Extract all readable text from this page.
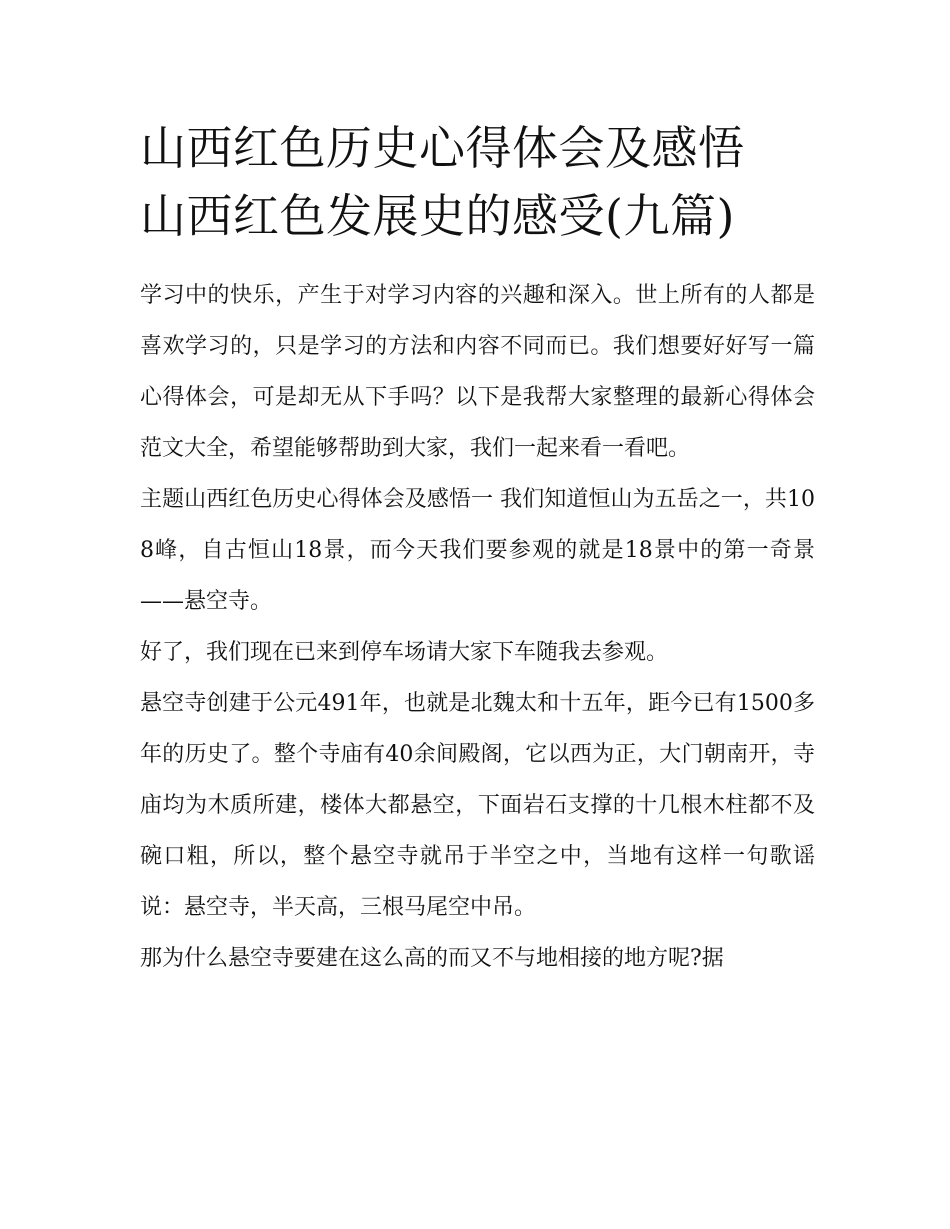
山西红色历史心得体会及感悟
山西红色发展史的感受(九篇)

学习中的快乐，产生于对学习内容的兴趣和深入。世上所有的人都是喜欢学习的，只是学习的方法和内容不同而已。我们想要好好写一篇心得体会，可是却无从下手吗？以下是我帮大家整理的最新心得体会范文大全，希望能够帮助到大家，我们一起来看一看吧。

主题山西红色历史心得体会及感悟一 我们知道恒山为五岳之一，共108峰，自古恒山18景，而今天我们要参观的就是18景中的第一奇景——悬空寺。

好了，我们现在已来到停车场请大家下车随我去参观。

悬空寺创建于公元491年，也就是北魏太和十五年，距今已有1500多年的历史了。整个寺庙有40余间殿阁，它以西为正，大门朝南开，寺庙均为木质所建，楼体大都悬空，下面岩石支撑的十几根木柱都不及碗口粗，所以，整个悬空寺就吊于半空之中，当地有这样一句歌谣说：悬空寺，半天高，三根马尾空中吊。

那为什么悬空寺要建在这么高的而又不与地相接的地方呢?据
